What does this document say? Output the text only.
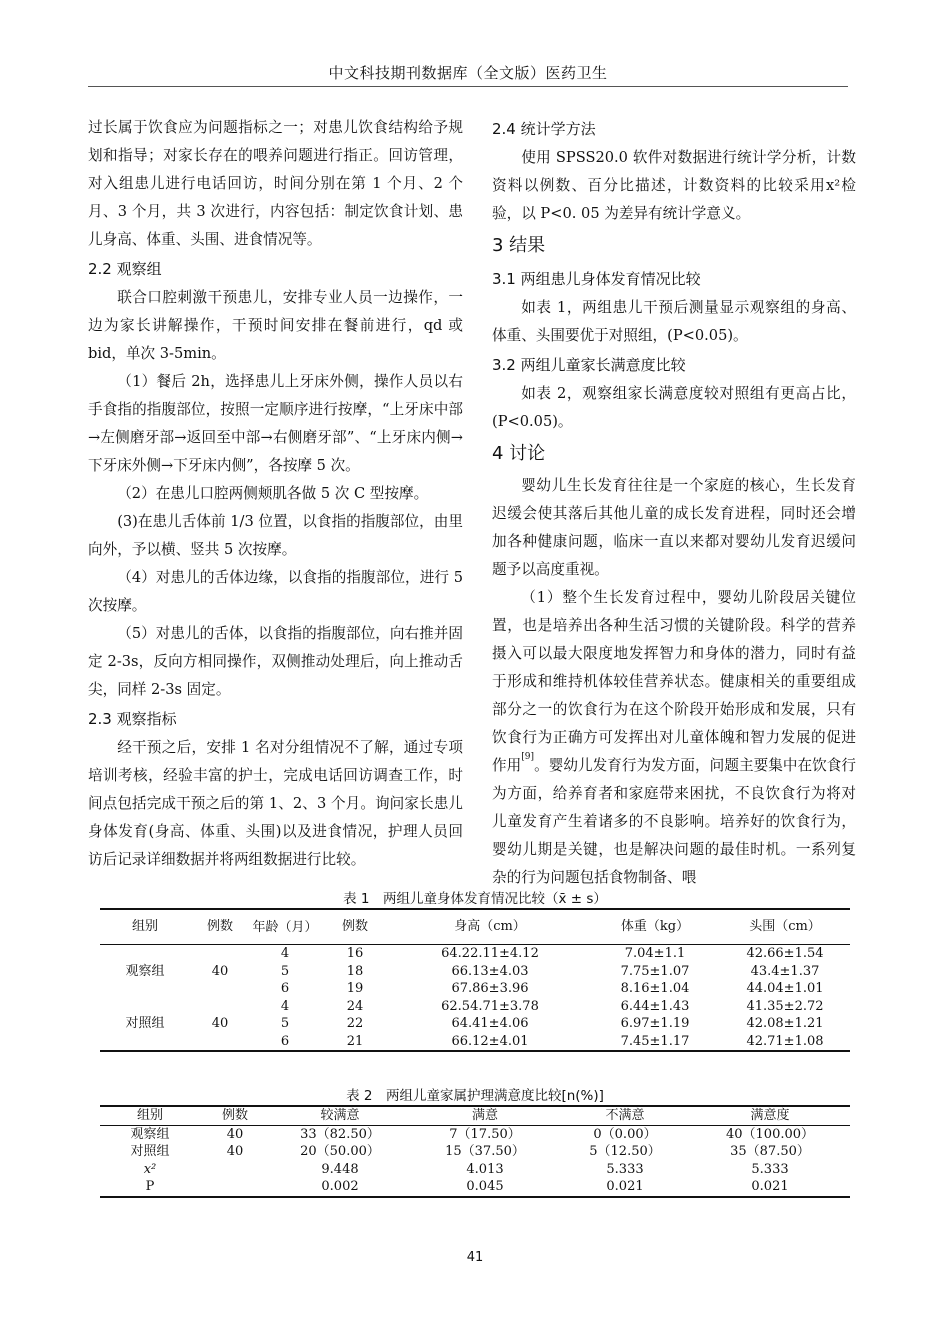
中文科技期刊数据库（全文版）医药卫生

过长属于饮食应为问题指标之一；对患儿饮食结构给予规划和指导；对家长存在的喂养问题进行指正。回访管理，对入组患儿进行电话回访，时间分别在第 1 个月、2 个月、3 个月，共 3 次进行，内容包括：制定饮食计划、患儿身高、体重、头围、进食情况等。

2.2 观察组

联合口腔刺激干预患儿，安排专业人员一边操作，一边为家长讲解操作，干预时间安排在餐前进行，qd 或 bid，单次 3-5min。

（1）餐后 2h，选择患儿上牙床外侧，操作人员以右手食指的指腹部位，按照一定顺序进行按摩，“上牙床中部→左侧磨牙部→返回至中部→右侧磨牙部”、“上牙床内侧→下牙床外侧→下牙床内侧”，各按摩 5 次。

（2）在患儿口腔两侧颊肌各做 5 次 C 型按摩。

(3)在患儿舌体前 1/3 位置，以食指的指腹部位，由里向外，予以横、竖共 5 次按摩。

（4）对患儿的舌体边缘，以食指的指腹部位，进行 5 次按摩。

（5）对患儿的舌体，以食指的指腹部位，向右推并固定 2-3s，反向方相同操作，双侧推动处理后，向上推动舌尖，同样 2-3s 固定。

2.3 观察指标

经干预之后，安排 1 名对分组情况不了解，通过专项培训考核，经验丰富的护士，完成电话回访调查工作，时间点包括完成干预之后的第 1、2、3 个月。询问家长患儿身体发育(身高、体重、头围)以及进食情况，护理人员回访后记录详细数据并将两组数据进行比较。

2.4 统计学方法

使用 SPSS20.0 软件对数据进行统计学分析，计数资料以例数、百分比描述，计数资料的比较采用x²检验，以 P<0. 05 为差异有统计学意义。

3 结果
3.1 两组患儿身体发育情况比较

如表 1，两组患儿干预后测量显示观察组的身高、体重、头围要优于对照组，(P<0.05)。

3.2 两组儿童家长满意度比较

如表 2，观察组家长满意度较对照组有更高占比，(P<0.05)。

4 讨论

婴幼儿生长发育往往是一个家庭的核心，生长发育迟缓会使其落后其他儿童的成长发育进程，同时还会增加各种健康问题，临床一直以来都对婴幼儿发育迟缓问题予以高度重视。

（1）整个生长发育过程中，婴幼儿阶段居关键位置，也是培养出各种生活习惯的关键阶段。科学的营养摄入可以最大限度地发挥智力和身体的潜力，同时有益于形成和维持机体较佳营养状态。健康相关的重要组成部分之一的饮食行为在这个阶段开始形成和发展，只有饮食行为正确方可发挥出对儿童体魄和智力发展的促进作用[9]。婴幼儿发育行为发方面，问题主要集中在饮食行为方面，给养育者和家庭带来困扰，不良饮食行为将对儿童发育产生着诸多的不良影响。培养好的饮食行为，婴幼儿期是关键，也是解决问题的最佳时机。一系列复杂的行为问题包括食物制备、喂

表 1　两组儿童身体发育情况比较（x̄ ± s）
组别	例数	年龄（月）	例数	身高（cm）	体重（kg）	头围（cm）
观察组	40	4	16	64.22.11±4.12	7.04±1.1	42.66±1.54
		5	18	66.13±4.03	7.75±1.07	43.4±1.37
		6	19	67.86±3.96	8.16±1.04	44.04±1.01
对照组	40	4	24	62.54.71±3.78	6.44±1.43	41.35±2.72
		5	22	64.41±4.06	6.97±1.19	42.08±1.21
		6	21	66.12±4.01	7.45±1.17	42.71±1.08
表 2　两组儿童家属护理满意度比较[n(%)]
组别	例数	较满意	满意	不满意	满意度
观察组	40	33（82.50）	7（17.50）	0（0.00）	40（100.00）
对照组	40	20（50.00）	15（37.50）	5（12.50）	35（87.50）
x²		9.448	4.013	5.333	5.333
P		0.002	0.045	0.021	0.021
41
